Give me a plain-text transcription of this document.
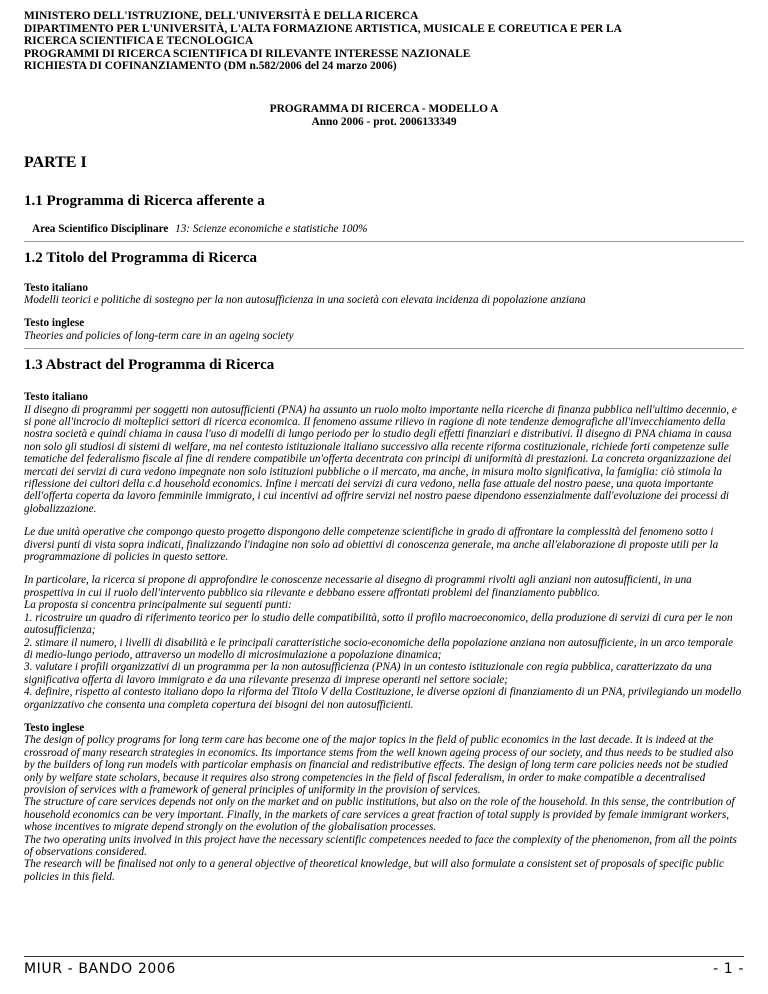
MINISTERO DELL'ISTRUZIONE, DELL'UNIVERSITÀ E DELLA RICERCA

DIPARTIMENTO PER L'UNIVERSITÀ, L'ALTA FORMAZIONE ARTISTICA, MUSICALE E COREUTICA E PER LA

RICERCA SCIENTIFICA E TECNOLOGICA

PROGRAMMI DI RICERCA SCIENTIFICA DI RILEVANTE INTERESSE NAZIONALE

RICHIESTA DI COFINANZIAMENTO (DM n.582/2006 del 24 marzo 2006)

PROGRAMMA DI RICERCA - MODELLO A
Anno 2006 - prot. 2006133349
PARTE I
1.1 Programma di Ricerca afferente a
Area Scientifico Disciplinare 13: Scienze economiche e statistiche 100%
1.2 Titolo del Programma di Ricerca
Testo italiano

Modelli teorici e politiche di sostegno per la non autosufficienza in una società con elevata incidenza di popolazione anziana

Testo inglese

Theories and policies of long-term care in an ageing society

1.3 Abstract del Programma di Ricerca
Testo italiano

Il disegno di programmi per soggetti non autosufficienti (PNA) ha assunto un ruolo molto importante nella ricerche di finanza pubblica nell'ultimo decennio, e si pone all'incrocio di molteplici settori di ricerca economica. Il fenomeno assume rilievo in ragione di note tendenze demografiche all'invecchiamento della nostra società e quindi chiama in causa l'uso di modelli di lungo periodo per lo studio degli effetti finanziari e distributivi. Il disegno di PNA chiama in causa non solo gli studiosi di sistemi di welfare, ma nel contesto istituzionale italiano successivo alla recente riforma costituzionale, richiede forti competenze sulle tematiche del federalismo fiscale al fine di rendere compatibile un'offerta decentrata con principi di uniformità di prestazioni. La concreta organizzazione dei mercati dei servizi di cura vedono impegnate non solo istituzioni pubbliche o il mercato, ma anche, in misura molto significativa, la famiglia: ciò stimola la riflessione dei cultori della c.d household economics. Infine i mercati dei servizi di cura vedono, nella fase attuale del nostro paese, una quota importante dell'offerta coperta da lavoro femminile immigrato, i cui incentivi ad offrire servizi nel nostro paese dipendono essenzialmente dall'evoluzione dei processi di globalizzazione.

Le due unità operative che compongo questo progetto dispongono delle competenze scientifiche in grado di affrontare la complessità del fenomeno sotto i diversi punti di vista sopra indicati, finalizzando l'indagine non solo ad obiettivi di conoscenza generale, ma anche all'elaborazione di proposte utili per la programmazione di policies in questo settore.

In particolare, la ricerca si propone di approfondire le conoscenze necessarie al disegno di programmi rivolti agli anziani non autosufficienti, in una prospettiva in cui il ruolo dell'intervento pubblico sia rilevante e debbano essere affrontati problemi del finanziamento pubblico.

La proposta si concentra principalmente sui seguenti punti:

1. ricostruire un quadro di riferimento teorico per lo studio delle compatibilità, sotto il profilo macroeconomico, della produzione di servizi di cura per le non autosufficienza;

2. stimare il numero, i livelli di disabilità e le principali caratteristiche socio-economiche della popolazione anziana non autosufficiente, in un arco temporale di medio-lungo periodo, attraverso un modello di microsimulazione a popolazione dinamica;

3. valutare i profili organizzativi di un programma per la non autosufficienza (PNA) in un contesto istituzionale con regia pubblica, caratterizzato da una significativa offerta di lavoro immigrato e da una rilevante presenza di imprese operanti nel settore sociale;

4. definire, rispetto al contesto italiano dopo la riforma del Titolo V della Costituzione, le diverse opzioni di finanziamento di un PNA, privilegiando un modello organizzativo che consenta una completa copertura dei bisogni dei non autosufficienti.

Testo inglese

The design of policy programs for long term care has become one of the major topics in the field of public economics in the last decade. It is indeed at the crossroad of many research strategies in economics. Its importance stems from the well known ageing process of our society, and thus needs to be studied also by the builders of long run models with particolar emphasis on financial and redistributive effects. The design of long term care policies needs not be studied only by welfare state scholars, because it requires also strong competencies in the field of fiscal federalism, in order to make compatible a decentralised provision of services with a framework of general principles of uniformity in the provision of services.

The structure of care services depends not only on the market and on public institutions, but also on the role of the household. In this sense, the contribution of household economics can be very important. Finally, in the markets of care services a great fraction of total supply is provided by female immigrant workers, whose incentives to migrate depend strongly on the evolution of the globalisation processes.

The two operating units involved in this project have the necessary scientific competences needed to face the complexity of the phenomenon, from all the points of observations considered.

The research will be finalised not only to a general objective of theoretical knowledge, but will also formulate a consistent set of proposals of specific public policies in this field.

MIUR - BANDO 2006	- 1 -
